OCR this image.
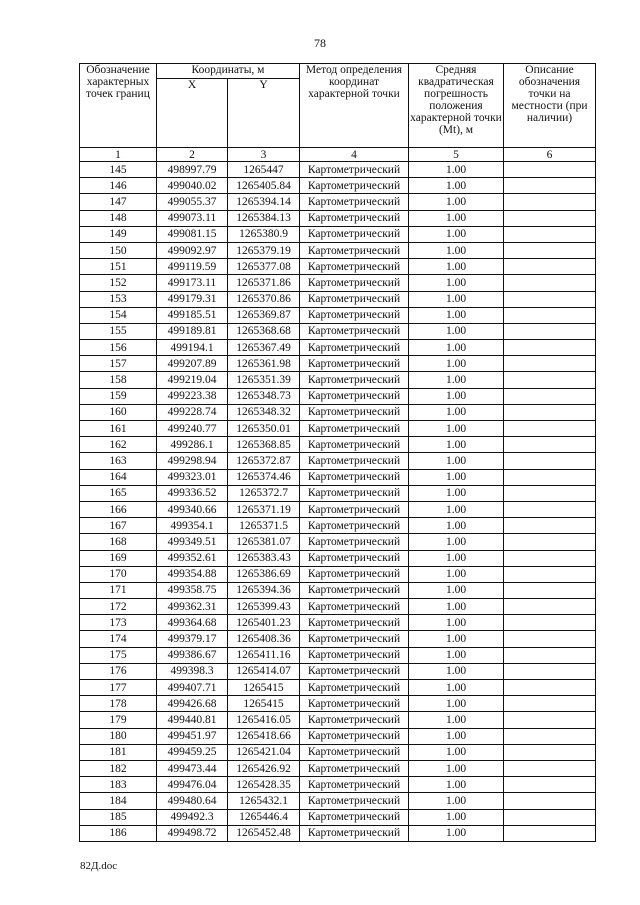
78
Обозначение характерных точек границ	Координаты, м		Метод определения координат характерной точки	Средняя квадратическая погрешность положения характерной точки (Mt), м	Описание обозначения точки на местности (при наличии)
	X	Y			
1	2	3	4	5	6
145	498997.79	1265447	Картометрический	1.00	
146	499040.02	1265405.84	Картометрический	1.00	
147	499055.37	1265394.14	Картометрический	1.00	
148	499073.11	1265384.13	Картометрический	1.00	
149	499081.15	1265380.9	Картометрический	1.00	
150	499092.97	1265379.19	Картометрический	1.00	
151	499119.59	1265377.08	Картометрический	1.00	
152	499173.11	1265371.86	Картометрический	1.00	
153	499179.31	1265370.86	Картометрический	1.00	
154	499185.51	1265369.87	Картометрический	1.00	
155	499189.81	1265368.68	Картометрический	1.00	
156	499194.1	1265367.49	Картометрический	1.00	
157	499207.89	1265361.98	Картометрический	1.00	
158	499219.04	1265351.39	Картометрический	1.00	
159	499223.38	1265348.73	Картометрический	1.00	
160	499228.74	1265348.32	Картометрический	1.00	
161	499240.77	1265350.01	Картометрический	1.00	
162	499286.1	1265368.85	Картометрический	1.00	
163	499298.94	1265372.87	Картометрический	1.00	
164	499323.01	1265374.46	Картометрический	1.00	
165	499336.52	1265372.7	Картометрический	1.00	
166	499340.66	1265371.19	Картометрический	1.00	
167	499354.1	1265371.5	Картометрический	1.00	
168	499349.51	1265381.07	Картометрический	1.00	
169	499352.61	1265383.43	Картометрический	1.00	
170	499354.88	1265386.69	Картометрический	1.00	
171	499358.75	1265394.36	Картометрический	1.00	
172	499362.31	1265399.43	Картометрический	1.00	
173	499364.68	1265401.23	Картометрический	1.00	
174	499379.17	1265408.36	Картометрический	1.00	
175	499386.67	1265411.16	Картометрический	1.00	
176	499398.3	1265414.07	Картометрический	1.00	
177	499407.71	1265415	Картометрический	1.00	
178	499426.68	1265415	Картометрический	1.00	
179	499440.81	1265416.05	Картометрический	1.00	
180	499451.97	1265418.66	Картометрический	1.00	
181	499459.25	1265421.04	Картометрический	1.00	
182	499473.44	1265426.92	Картометрический	1.00	
183	499476.04	1265428.35	Картометрический	1.00	
184	499480.64	1265432.1	Картометрический	1.00	
185	499492.3	1265446.4	Картометрический	1.00	
186	499498.72	1265452.48	Картометрический	1.00	
82Д.doc
